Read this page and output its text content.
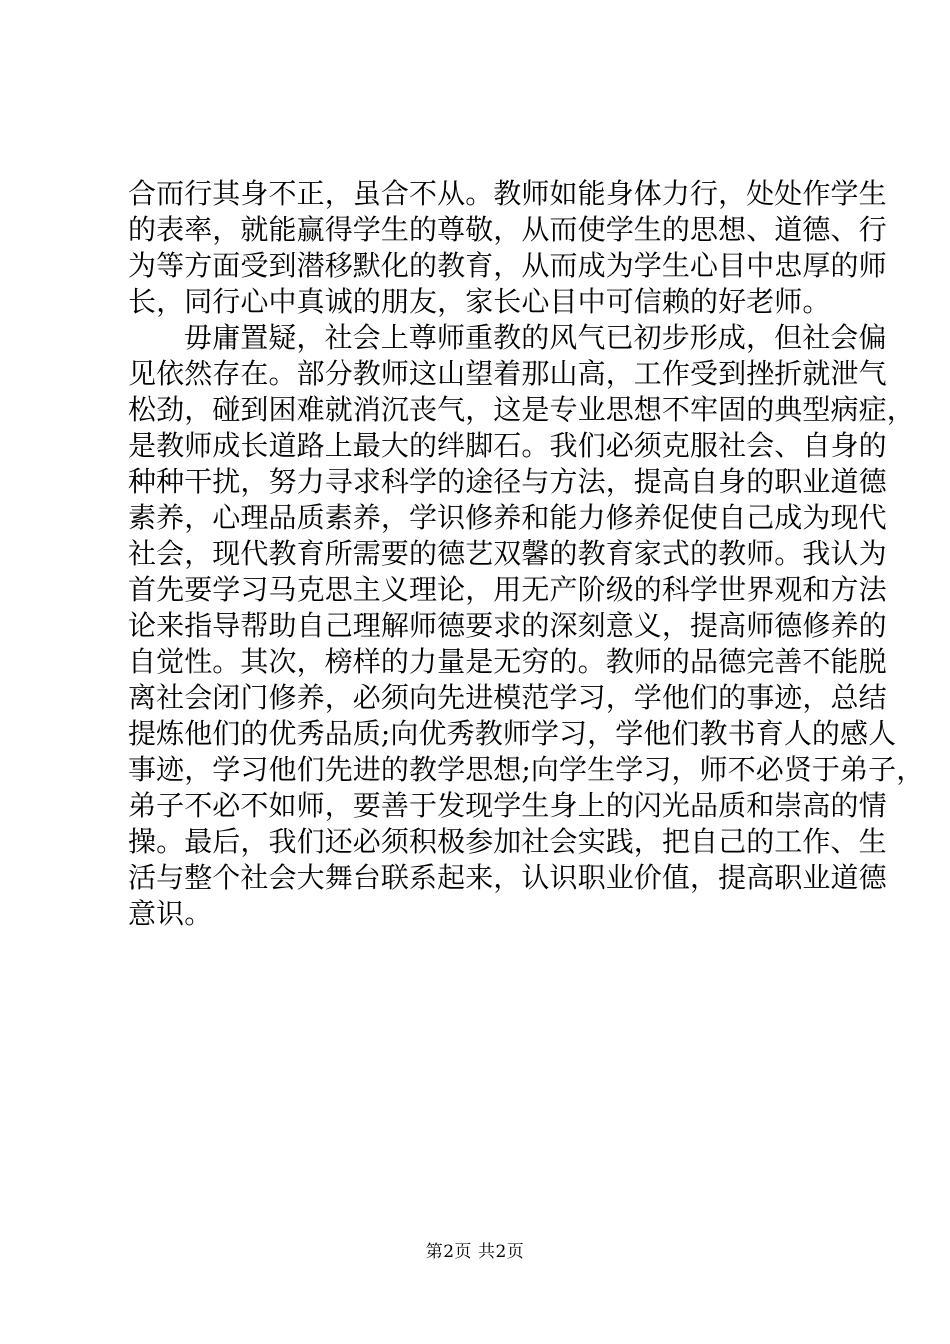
合而行其身不正，虽合不从。教师如能身体力行，处处作学生
的表率，就能赢得学生的尊敬，从而使学生的思想、道德、行
为等方面受到潜移默化的教育，从而成为学生心目中忠厚的师
长，同行心中真诚的朋友，家长心目中可信赖的好老师。

毋庸置疑，社会上尊师重教的风气已初步形成，但社会偏
见依然存在。部分教师这山望着那山高，工作受到挫折就泄气
松劲，碰到困难就消沉丧气，这是专业思想不牢固的典型病症，
是教师成长道路上最大的绊脚石。我们必须克服社会、自身的
种种干扰，努力寻求科学的途径与方法，提高自身的职业道德
素养，心理品质素养，学识修养和能力修养促使自己成为现代
社会，现代教育所需要的德艺双馨的教育家式的教师。我认为
首先要学习马克思主义理论，用无产阶级的科学世界观和方法
论来指导帮助自己理解师德要求的深刻意义，提高师德修养的
自觉性。其次，榜样的力量是无穷的。教师的品德完善不能脱
离社会闭门修养，必须向先进模范学习，学他们的事迹，总结
提炼他们的优秀品质;向优秀教师学习，学他们教书育人的感人
事迹，学习他们先进的教学思想;向学生学习，师不必贤于弟子，
弟子不必不如师，要善于发现学生身上的闪光品质和崇高的情
操。最后，我们还必须积极参加社会实践，把自己的工作、生
活与整个社会大舞台联系起来，认识职业价值，提高职业道德
意识。

第2页 共2页
